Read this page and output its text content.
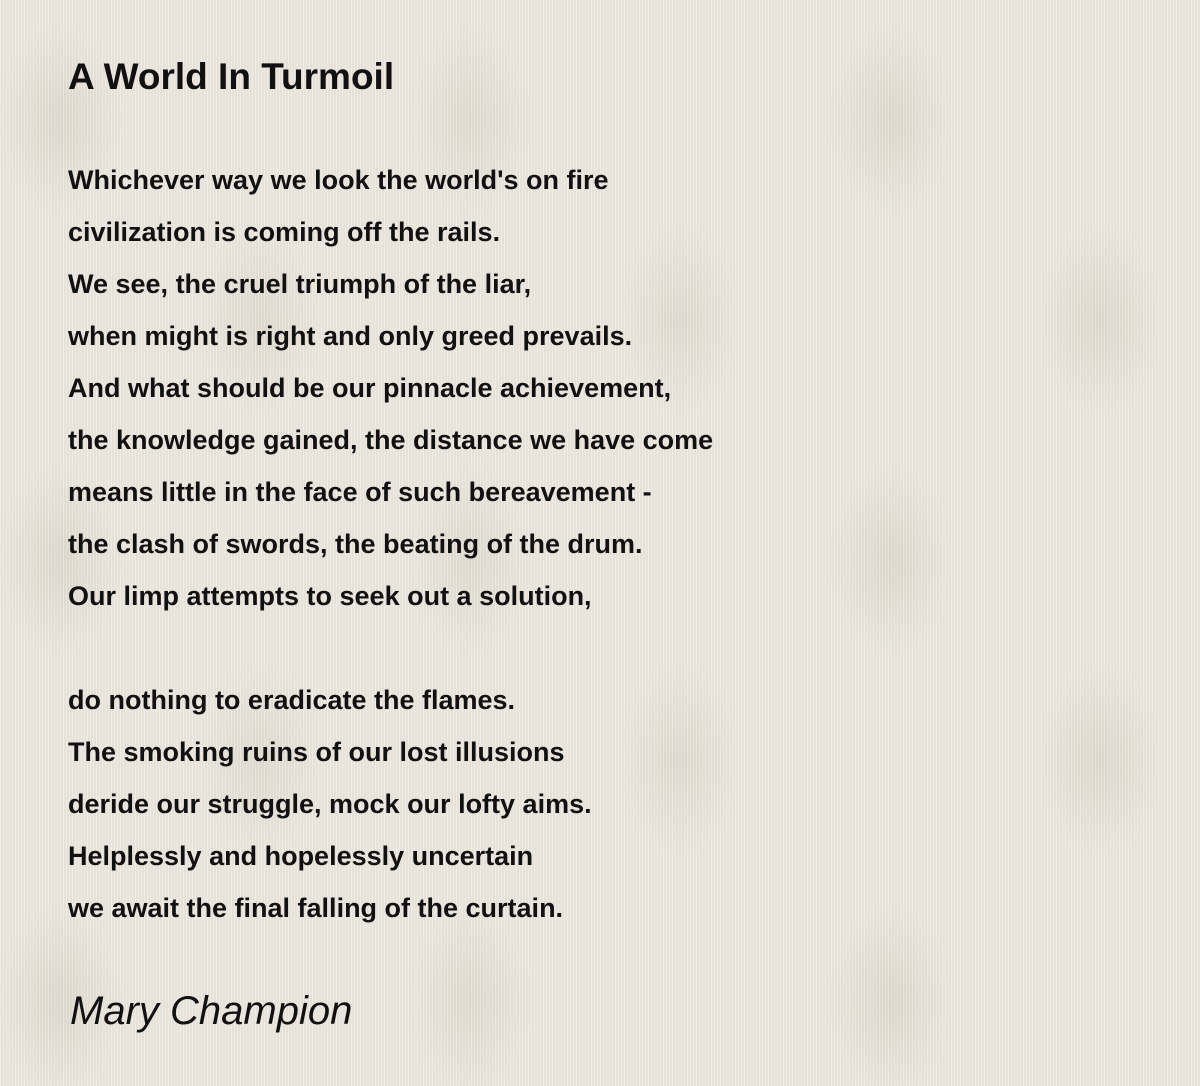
A World In Turmoil
Whichever way we look the world's on fire
civilization is coming off the rails.
We see, the cruel triumph of the liar,
when might is right and only greed prevails.
And what should be our pinnacle achievement,
the knowledge gained, the distance we have come
means little in the face of such bereavement -
the clash of swords, the beating of the drum.
Our limp attempts to seek out a solution,
do nothing to eradicate the flames.
The smoking ruins of our lost illusions
deride our struggle, mock our lofty aims.
Helplessly and hopelessly uncertain
we await the final falling of the curtain.
Mary Champion
